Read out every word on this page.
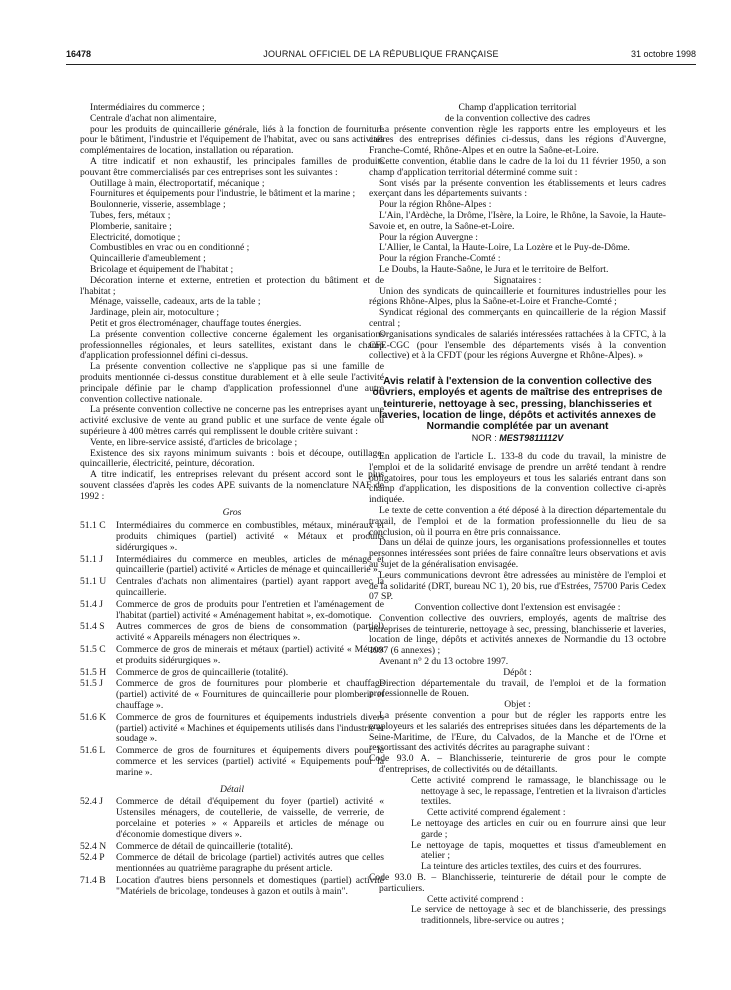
16478	JOURNAL OFFICIEL DE LA RÉPUBLIQUE FRANÇAISE	31 octobre 1998

Intermédiaires du commerce ;

Centrale d'achat non alimentaire,

pour les produits de quincaillerie générale, liés à la fonction de fourniture pour le bâtiment, l'industrie et l'équipement de l'habitat, avec ou sans activités complémentaires de location, installation ou réparation.

A titre indicatif et non exhaustif, les principales familles de produits pouvant être commercialisés par ces entreprises sont les suivantes :

Outillage à main, électroportatif, mécanique ;

Fournitures et équipements pour l'industrie, le bâtiment et la marine ;

Boulonnerie, visserie, assemblage ;

Tubes, fers, métaux ;

Plomberie, sanitaire ;

Electricité, domotique ;

Combustibles en vrac ou en conditionné ;

Quincaillerie d'ameublement ;

Bricolage et équipement de l'habitat ;

Décoration interne et externe, entretien et protection du bâtiment et de l'habitat ;

Ménage, vaisselle, cadeaux, arts de la table ;

Jardinage, plein air, motoculture ;

Petit et gros électroménager, chauffage toutes énergies.

La présente convention collective concerne également les organisations professionnelles régionales, et leurs satellites, existant dans le champ d'application professionnel défini ci-dessus.

La présente convention collective ne s'applique pas si une famille de produits mentionnée ci-dessus constitue durablement et à elle seule l'activité principale définie par le champ d'application professionnel d'une autre convention collective nationale.

La présente convention collective ne concerne pas les entreprises ayant une activité exclusive de vente au grand public et une surface de vente égale ou supérieure à 400 mètres carrés qui remplissent le double critère suivant :

Vente, en libre-service assisté, d'articles de bricolage ;

Existence des six rayons minimum suivants : bois et découpe, outillage, quincaillerie, électricité, peinture, décoration.

A titre indicatif, les entreprises relevant du présent accord sont le plus souvent classées d'après les codes APE suivants de la nomenclature NAF de 1992 :

Gros

51.1 C	Intermédiaires du commerce en combustibles, métaux, minéraux et produits chimiques (partiel) activité « Métaux et produits sidérurgiques ».
51.1 J	Intermédiaires du commerce en meubles, articles de ménage et quincaillerie (partiel) activité « Articles de ménage et quincaillerie ».
51.1 U	Centrales d'achats non alimentaires (partiel) ayant rapport avec la quincaillerie.
51.4 J	Commerce de gros de produits pour l'entretien et l'aménagement de l'habitat (partiel) activité « Aménagement habitat », ex-domotique.
51.4 S	Autres commerces de gros de biens de consommation (partiel) activité « Appareils ménagers non électriques ».
51.5 C	Commerce de gros de minerais et métaux (partiel) activité « Métaux et produits sidérurgiques ».
51.5 H	Commerce de gros de quincaillerie (totalité).
51.5 J	Commerce de gros de fournitures pour plomberie et chauffage (partiel) activité de « Fournitures de quincaillerie pour plomberie et chauffage ».
51.6 K	Commerce de gros de fournitures et équipements industriels divers (partiel) activité « Machines et équipements utilisés dans l'industrie et soudage ».
51.6 L	Commerce de gros de fournitures et équipements divers pour le commerce et les services (partiel) activité « Equipements pour la marine ».

Détail

52.4 J	Commerce de détail d'équipement du foyer (partiel) activité « Ustensiles ménagers, de coutellerie, de vaisselle, de verrerie, de porcelaine et poteries » « Appareils et articles de ménage ou d'économie domestique divers ».
52.4 N	Commerce de détail de quincaillerie (totalité).
52.4 P	Commerce de détail de bricolage (partiel) activités autres que celles mentionnées au quatrième paragraphe du présent article.
71.4 B	Location d'autres biens personnels et domestiques (partiel) activité "Matériels de bricolage, tondeuses à gazon et outils à main".

Champ d'application territorial

de la convention collective des cadres

La présente convention règle les rapports entre les employeurs et les cadres des entreprises définies ci-dessus, dans les régions d'Auvergne, Franche-Comté, Rhône-Alpes et en outre la Saône-et-Loire.

Cette convention, établie dans le cadre de la loi du 11 février 1950, a son champ d'application territorial déterminé comme suit :

Sont visés par la présente convention les établissements et leurs cadres exerçant dans les départements suivants :

Pour la région Rhône-Alpes :

L'Ain, l'Ardèche, la Drôme, l'Isère, la Loire, le Rhône, la Savoie, la Haute-Savoie et, en outre, la Saône-et-Loire.

Pour la région Auvergne :

L'Allier, le Cantal, la Haute-Loire, La Lozère et le Puy-de-Dôme.

Pour la région Franche-Comté :

Le Doubs, la Haute-Saône, le Jura et le territoire de Belfort.

Signataires :

Union des syndicats de quincaillerie et fournitures industrielles pour les régions Rhône-Alpes, plus la Saône-et-Loire et Franche-Comté ;

Syndicat régional des commerçants en quincaillerie de la région Massif central ;

Organisations syndicales de salariés intéressées rattachées à la CFTC, à la CFE-CGC (pour l'ensemble des départements visés à la convention collective) et à la CFDT (pour les régions Auvergne et Rhône-Alpes). »

Avis relatif à l'extension de la convention collective des ouvriers, employés et agents de maîtrise des entreprises de teinturerie, nettoyage à sec, pressing, blanchisseries et laveries, location de linge, dépôts et activités annexes de Normandie complétée par un avenant
NOR : MEST9811112V

En application de l'article L. 133-8 du code du travail, la ministre de l'emploi et de la solidarité envisage de prendre un arrêté tendant à rendre obligatoires, pour tous les employeurs et tous les salariés entrant dans son champ d'application, les dispositions de la convention collective ci-après indiquée.

Le texte de cette convention a été déposé à la direction départementale du travail, de l'emploi et de la formation professionnelle du lieu de sa conclusion, où il pourra en être pris connaissance.

Dans un délai de quinze jours, les organisations professionnelles et toutes personnes intéressées sont priées de faire connaître leurs observations et avis au sujet de la généralisation envisagée.

Leurs communications devront être adressées au ministère de l'emploi et de la solidarité (DRT, bureau NC 1), 20 bis, rue d'Estrées, 75700 Paris Cedex 07 SP.

Convention collective dont l'extension est envisagée :

Convention collective des ouvriers, employés, agents de maîtrise des entreprises de teinturerie, nettoyage à sec, pressing, blanchisserie et laveries, location de linge, dépôts et activités annexes de Normandie du 13 octobre 1997 (6 annexes) ;

Avenant n° 2 du 13 octobre 1997.

Dépôt :

Direction départementale du travail, de l'emploi et de la formation professionnelle de Rouen.

Objet :

La présente convention a pour but de régler les rapports entre les employeurs et les salariés des entreprises situées dans les départements de la Seine-Maritime, de l'Eure, du Calvados, de la Manche et de l'Orne et ressortissant des activités décrites au paragraphe suivant :

Code 93.0 A. – Blanchisserie, teinturerie de gros pour le compte d'entreprises, de collectivités ou de détaillants.

Cette activité comprend le ramassage, le blanchissage ou le nettoyage à sec, le repassage, l'entretien et la livraison d'articles textiles.

Cette activité comprend également :

Le nettoyage des articles en cuir ou en fourrure ainsi que leur garde ;

Le nettoyage de tapis, moquettes et tissus d'ameublement en atelier ;

La teinture des articles textiles, des cuirs et des fourrures.

Code 93.0 B. – Blanchisserie, teinturerie de détail pour le compte de particuliers.

Cette activité comprend :

Le service de nettoyage à sec et de blanchisserie, des pressings traditionnels, libre-service ou autres ;
